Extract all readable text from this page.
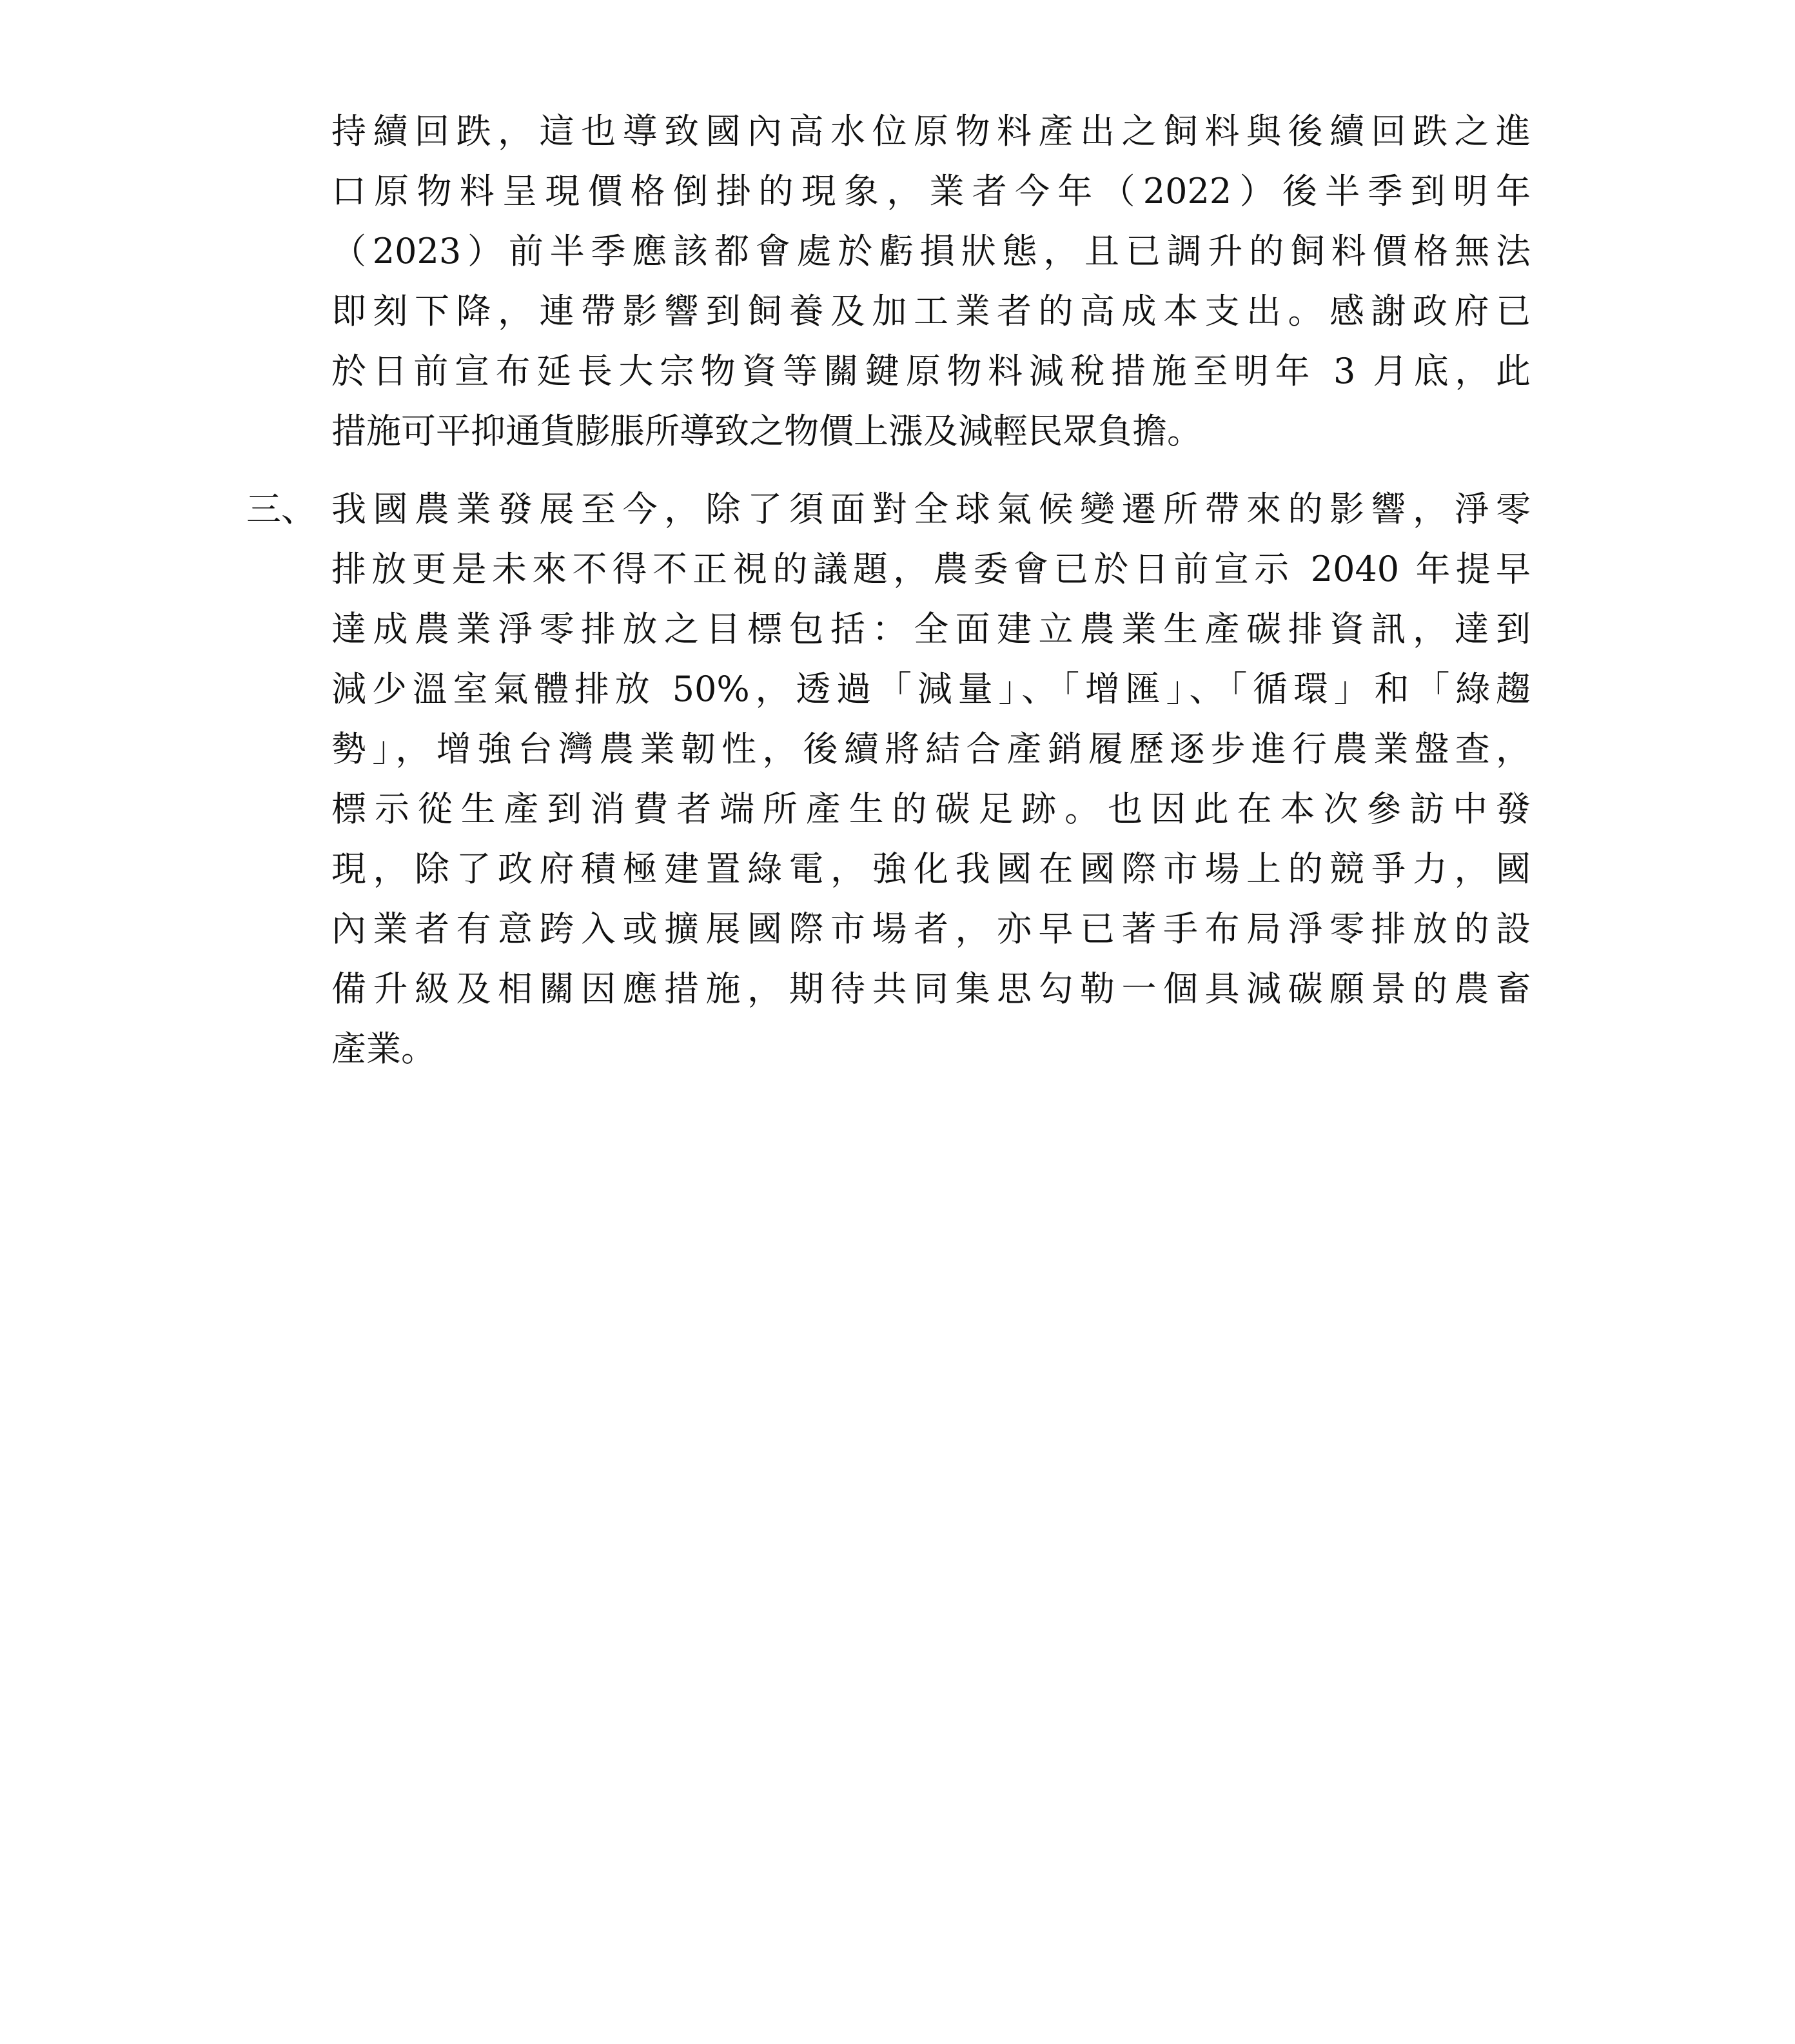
持續回跌，這也導致國內高水位原物料產出之飼料與後續回跌之進
口原物料呈現價格倒掛的現象，業者今年（2022）後半季到明年
（2023）前半季應該都會處於虧損狀態，且已調升的飼料價格無法
即刻下降，連帶影響到飼養及加工業者的高成本支出。感謝政府已
於日前宣布延長大宗物資等關鍵原物料減稅措施至明年 3 月底，此
措施可平抑通貨膨脹所導致之物價上漲及減輕民眾負擔。
三、 我國農業發展至今，除了須面對全球氣候變遷所帶來的影響，淨零
排放更是未來不得不正視的議題，農委會已於日前宣示 2040 年提早
達成農業淨零排放之目標包括：全面建立農業生產碳排資訊，達到
減少溫室氣體排放 50%，透過「減量」、「增匯」、「循環」和「綠趨
勢」，增強台灣農業韌性，後續將結合產銷履歷逐步進行農業盤查，
標示從生產到消費者端所產生的碳足跡。也因此在本次參訪中發
現，除了政府積極建置綠電，強化我國在國際市場上的競爭力，國
內業者有意跨入或擴展國際市場者，亦早已著手布局淨零排放的設
備升級及相關因應措施，期待共同集思勾勒一個具減碳願景的農畜
產業。
